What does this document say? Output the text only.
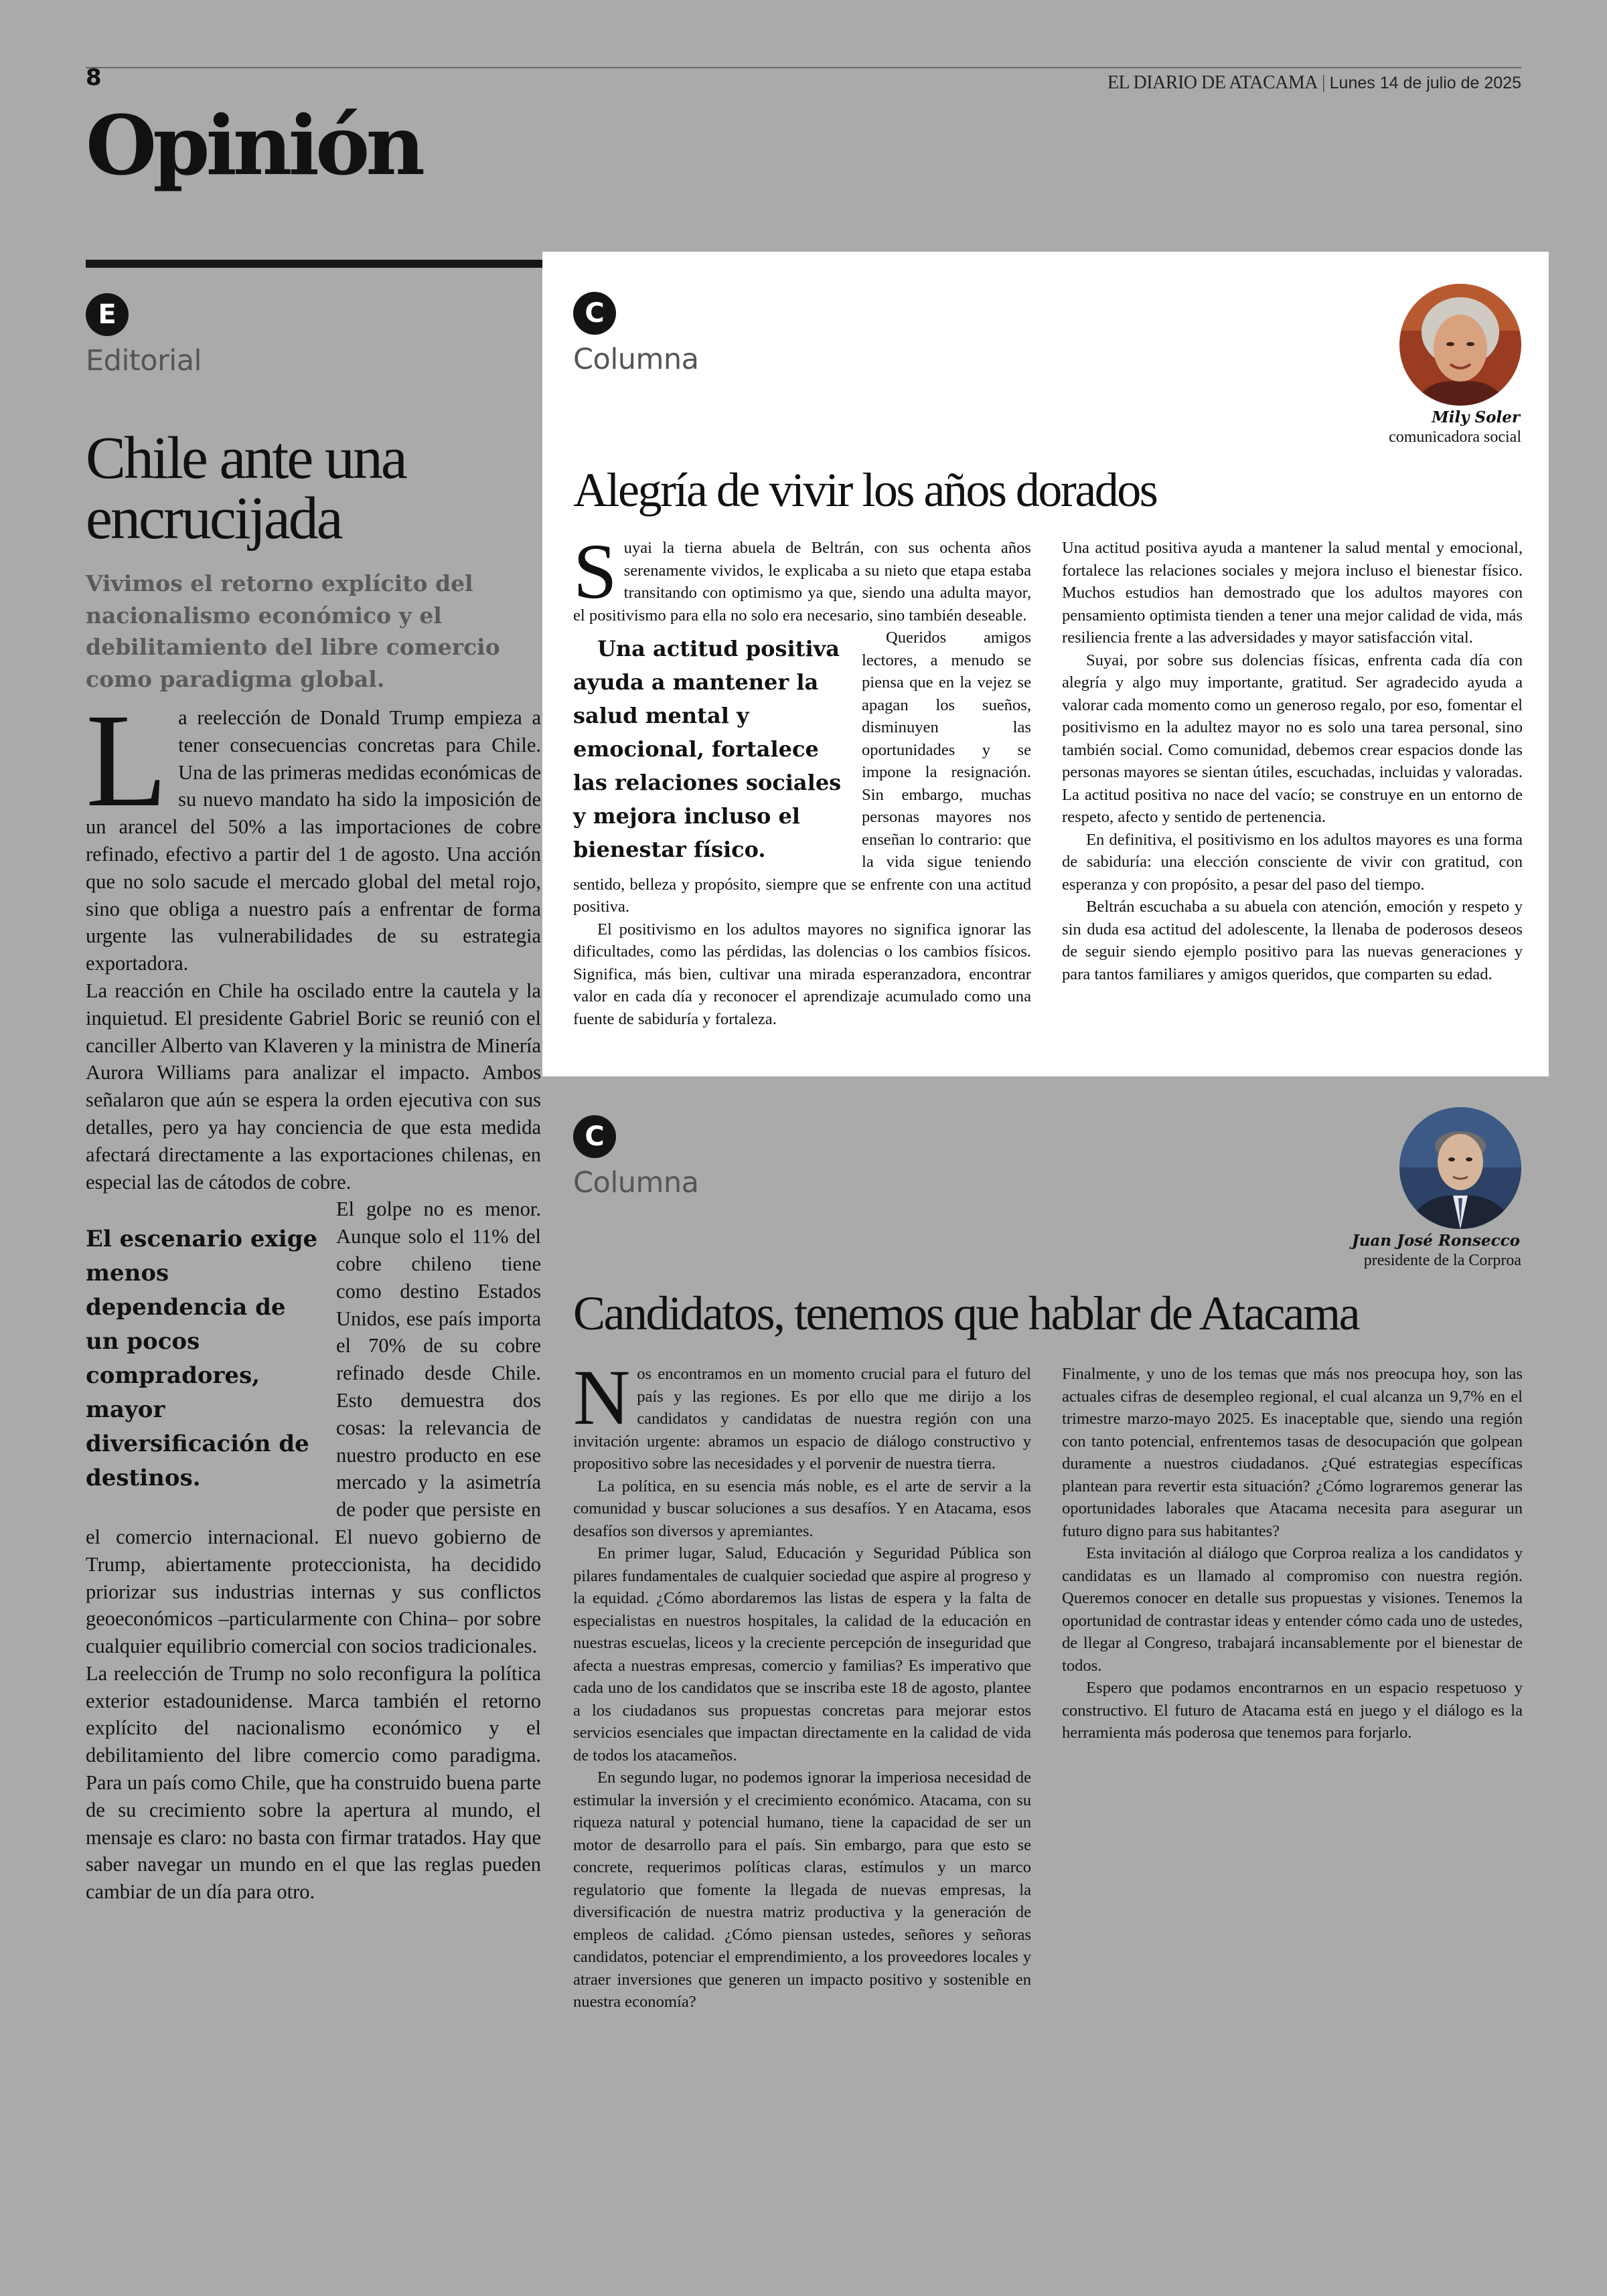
8	EL DIARIO DE ATACAMA | Lunes 14 de julio de 2025
Opinión
E
Editorial
Chile ante una encrucijada
Vivimos el retorno explícito del nacionalismo económico y el debilitamiento del libre comercio como paradigma global.

La reelección de Donald Trump empieza a tener consecuencias concretas para Chile. Una de las primeras medidas económicas de su nuevo mandato ha sido la imposición de un arancel del 50% a las importaciones de cobre refinado, efectivo a partir del 1 de agosto. Una acción que no solo sacude el mercado global del metal rojo, sino que obliga a nuestro país a enfrentar de forma urgente las vulnerabilidades de su estrategia exportadora.

La reacción en Chile ha oscilado entre la cautela y la inquietud. El presidente Gabriel Boric se reunió con el canciller Alberto van Klaveren y la ministra de Minería Aurora Williams para analizar el impacto. Ambos señalaron que aún se espera la orden ejecutiva con sus detalles, pero ya hay conciencia de que esta medida afectará directamente a las exportaciones chilenas, en especial las de cátodos de cobre.

El escenario exige menos dependencia de un pocos compradores, mayor diversificación de destinos.
El golpe no es menor. Aunque solo el 11% del cobre chileno tiene como destino Estados Unidos, ese país importa el 70% de su cobre refinado desde Chile. Esto demuestra dos cosas: la relevancia de nuestro producto en ese mercado y la asimetría de poder que persiste en el comercio internacional. El nuevo gobierno de Trump, abiertamente proteccionista, ha decidido priorizar sus industrias internas y sus conflictos geoeconómicos –particularmente con China– por sobre cualquier equilibrio comercial con socios tradicionales.

La reelección de Trump no solo reconfigura la política exterior estadounidense. Marca también el retorno explícito del nacionalismo económico y el debilitamiento del libre comercio como paradigma. Para un país como Chile, que ha construido buena parte de su crecimiento sobre la apertura al mundo, el mensaje es claro: no basta con firmar tratados. Hay que saber navegar un mundo en el que las reglas pueden cambiar de un día para otro.

C
Columna
Mily Soler
comunicadora social
Alegría de vivir los años dorados

Suyai la tierna abuela de Beltrán, con sus ochenta años serenamente vividos, le explicaba a su nieto que etapa estaba transitando con optimismo ya que, siendo una adulta mayor, el positivismo para ella no solo era necesario, sino también deseable.

Una actitud positiva ayuda a mantener la salud mental y emocional, fortalece las relaciones sociales y mejora incluso el bienestar físico.
Queridos amigos lectores, a menudo se piensa que en la vejez se apagan los sueños, disminuyen las oportunidades y se impone la resignación. Sin embargo, muchas personas mayores nos enseñan lo contrario: que la vida sigue teniendo sentido, belleza y propósito, siempre que se enfrente con una actitud positiva.

El positivismo en los adultos mayores no significa ignorar las dificultades, como las pérdidas, las dolencias o los cambios físicos. Significa, más bien, cultivar una mirada esperanzadora, encontrar valor en cada día y reconocer el aprendizaje acumulado como una fuente de sabiduría y fortaleza.

Una actitud positiva ayuda a mantener la salud mental y emocional, fortalece las relaciones sociales y mejora incluso el bienestar físico. Muchos estudios han demostrado que los adultos mayores con pensamiento optimista tienden a tener una mejor calidad de vida, más resiliencia frente a las adversidades y mayor satisfacción vital.

Suyai, por sobre sus dolencias físicas, enfrenta cada día con alegría y algo muy importante, gratitud. Ser agradecido ayuda a valorar cada momento como un generoso regalo, por eso, fomentar el positivismo en la adultez mayor no es solo una tarea personal, sino también social. Como comunidad, debemos crear espacios donde las personas mayores se sientan útiles, escuchadas, incluidas y valoradas. La actitud positiva no nace del vacío; se construye en un entorno de respeto, afecto y sentido de pertenencia.

En definitiva, el positivismo en los adultos mayores es una forma de sabiduría: una elección consciente de vivir con gratitud, con esperanza y con propósito, a pesar del paso del tiempo.

Beltrán escuchaba a su abuela con atención, emoción y respeto y sin duda esa actitud del adolescente, la llenaba de poderosos deseos de seguir siendo ejemplo positivo para las nuevas generaciones y para tantos familiares y amigos queridos, que comparten su edad.

C
Columna
Juan José Ronsecco
presidente de la Corproa
Candidatos, tenemos que hablar de Atacama

Nos encontramos en un momento crucial para el futuro del país y las regiones. Es por ello que me dirijo a los candidatos y candidatas de nuestra región con una invitación urgente: abramos un espacio de diálogo constructivo y propositivo sobre las necesidades y el porvenir de nuestra tierra.

La política, en su esencia más noble, es el arte de servir a la comunidad y buscar soluciones a sus desafíos. Y en Atacama, esos desafíos son diversos y apremiantes.

En primer lugar, Salud, Educación y Seguridad Pública son pilares fundamentales de cualquier sociedad que aspire al progreso y la equidad. ¿Cómo abordaremos las listas de espera y la falta de especialistas en nuestros hospitales, la calidad de la educación en nuestras escuelas, liceos y la creciente percepción de inseguridad que afecta a nuestras empresas, comercio y familias? Es imperativo que cada uno de los candidatos que se inscriba este 18 de agosto, plantee a los ciudadanos sus propuestas concretas para mejorar estos servicios esenciales que impactan directamente en la calidad de vida de todos los atacameños.

En segundo lugar, no podemos ignorar la imperiosa necesidad de estimular la inversión y el crecimiento económico. Atacama, con su riqueza natural y potencial humano, tiene la capacidad de ser un motor de desarrollo para el país. Sin embargo, para que esto se concrete, requerimos políticas claras, estímulos y un marco regulatorio que fomente la llegada de nuevas empresas, la diversificación de nuestra matriz productiva y la generación de empleos de calidad. ¿Cómo piensan ustedes, señores y señoras candidatos, potenciar el emprendimiento, a los proveedores locales y atraer inversiones que generen un impacto positivo y sostenible en nuestra economía?

Finalmente, y uno de los temas que más nos preocupa hoy, son las actuales cifras de desempleo regional, el cual alcanza un 9,7% en el trimestre marzo-mayo 2025. Es inaceptable que, siendo una región con tanto potencial, enfrentemos tasas de desocupación que golpean duramente a nuestros ciudadanos. ¿Qué estrategias específicas plantean para revertir esta situación? ¿Cómo lograremos generar las oportunidades laborales que Atacama necesita para asegurar un futuro digno para sus habitantes?

Esta invitación al diálogo que Corproa realiza a los candidatos y candidatas es un llamado al compromiso con nuestra región. Queremos conocer en detalle sus propuestas y visiones. Tenemos la oportunidad de contrastar ideas y entender cómo cada uno de ustedes, de llegar al Congreso, trabajará incansablemente por el bienestar de todos.

Espero que podamos encontrarnos en un espacio respetuoso y constructivo. El futuro de Atacama está en juego y el diálogo es la herramienta más poderosa que tenemos para forjarlo.
